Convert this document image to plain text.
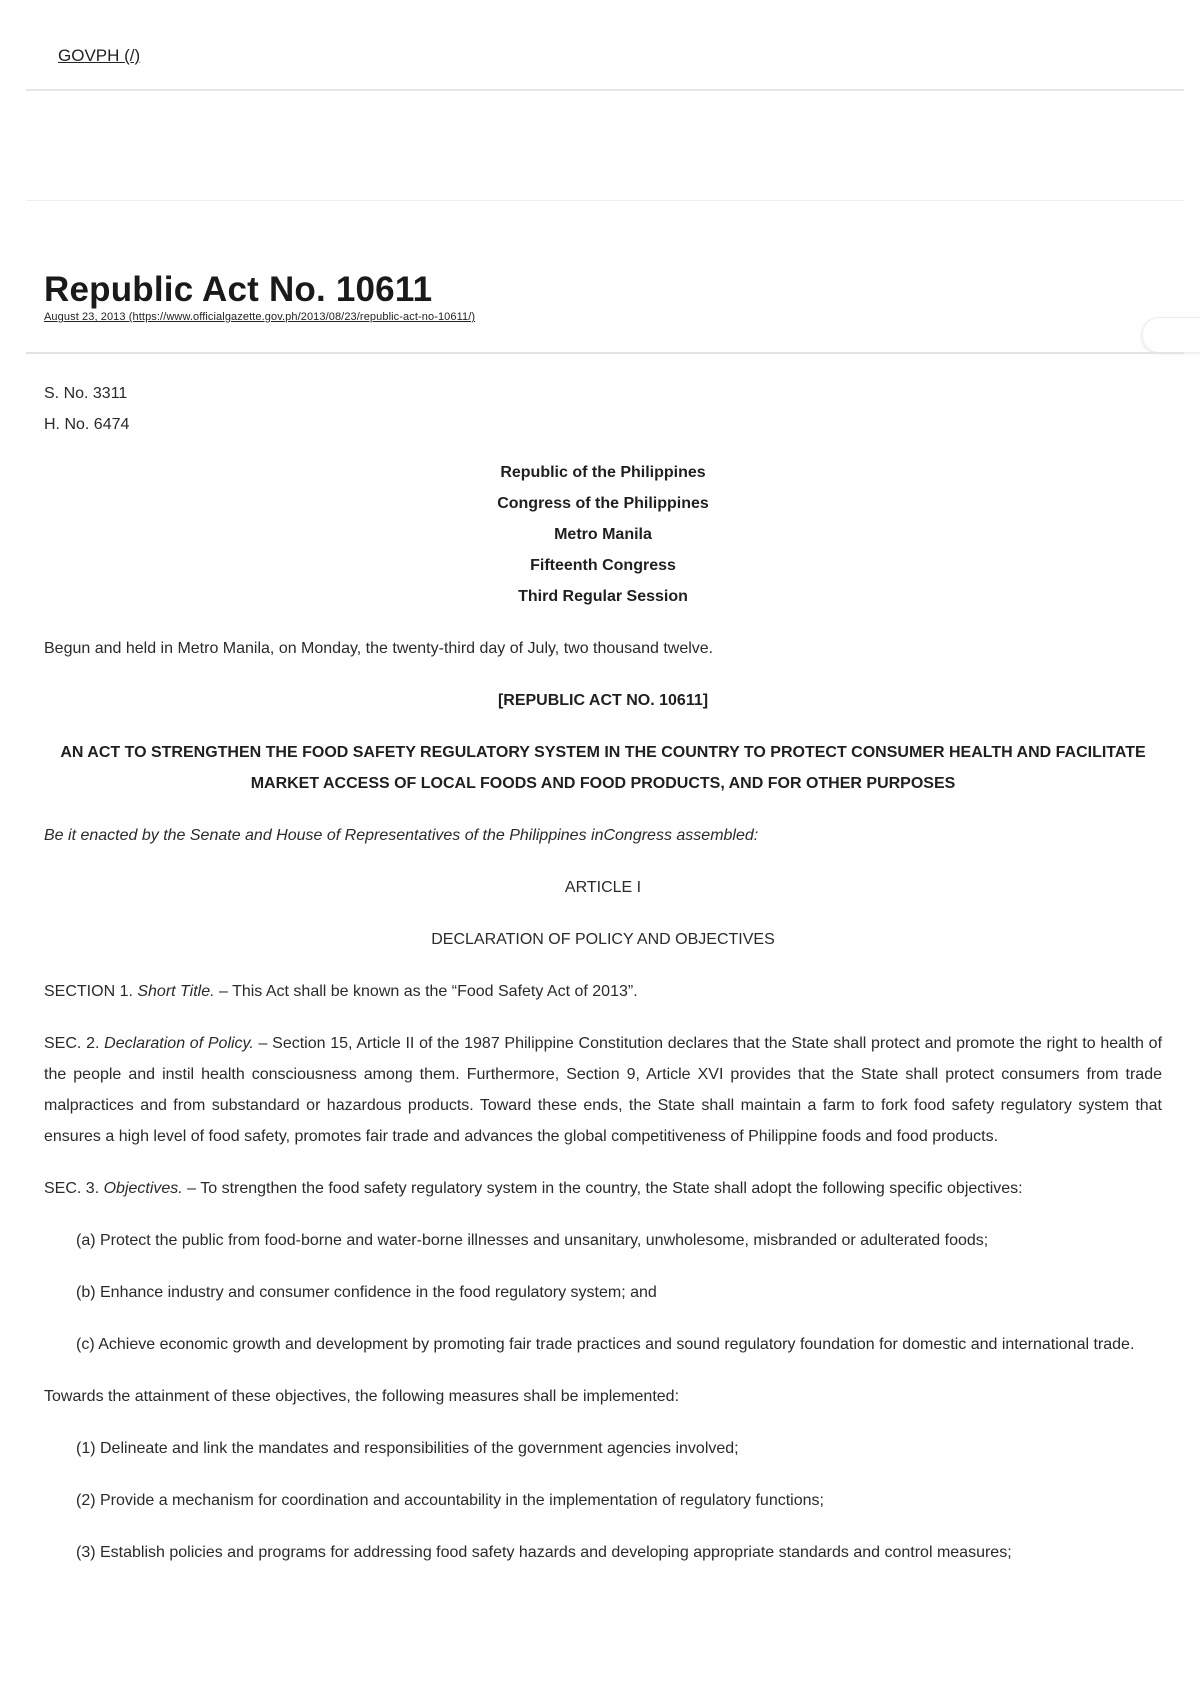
GOVPH (/)
Republic Act No. 10611
August 23, 2013 (https://www.officialgazette.gov.ph/2013/08/23/republic-act-no-10611/)

S. No. 3311

H. No. 6474

Republic of the Philippines

Congress of the Philippines

Metro Manila

Fifteenth Congress

Third Regular Session

Begun and held in Metro Manila, on Monday, the twenty-third day of July, two thousand twelve.

[REPUBLIC ACT NO. 10611]

AN ACT TO STRENGTHEN THE FOOD SAFETY REGULATORY SYSTEM IN THE COUNTRY TO PROTECT CONSUMER HEALTH AND FACILITATE MARKET ACCESS OF LOCAL FOODS AND FOOD PRODUCTS, AND FOR OTHER PURPOSES

Be it enacted by the Senate and House of Representatives of the Philippines inCongress assembled:

ARTICLE I

DECLARATION OF POLICY AND OBJECTIVES

SECTION 1. Short Title. – This Act shall be known as the “Food Safety Act of 2013”.

SEC. 2. Declaration of Policy. – Section 15, Article II of the 1987 Philippine Constitution declares that the State shall protect and promote the right to health of the people and instil health consciousness among them. Furthermore, Section 9, Article XVI provides that the State shall protect consumers from trade malpractices and from substandard or hazardous products. Toward these ends, the State shall maintain a farm to fork food safety regulatory system that ensures a high level of food safety, promotes fair trade and advances the global competitiveness of Philippine foods and food products.

SEC. 3. Objectives. – To strengthen the food safety regulatory system in the country, the State shall adopt the following specific objectives:

(a) Protect the public from food-borne and water-borne illnesses and unsanitary, unwholesome, misbranded or adulterated foods;

(b) Enhance industry and consumer confidence in the food regulatory system; and

(c) Achieve economic growth and development by promoting fair trade practices and sound regulatory foundation for domestic and international trade.

Towards the attainment of these objectives, the following measures shall be implemented:

(1) Delineate and link the mandates and responsibilities of the government agencies involved;

(2) Provide a mechanism for coordination and accountability in the implementation of regulatory functions;

(3) Establish policies and programs for addressing food safety hazards and developing appropriate standards and control measures;
